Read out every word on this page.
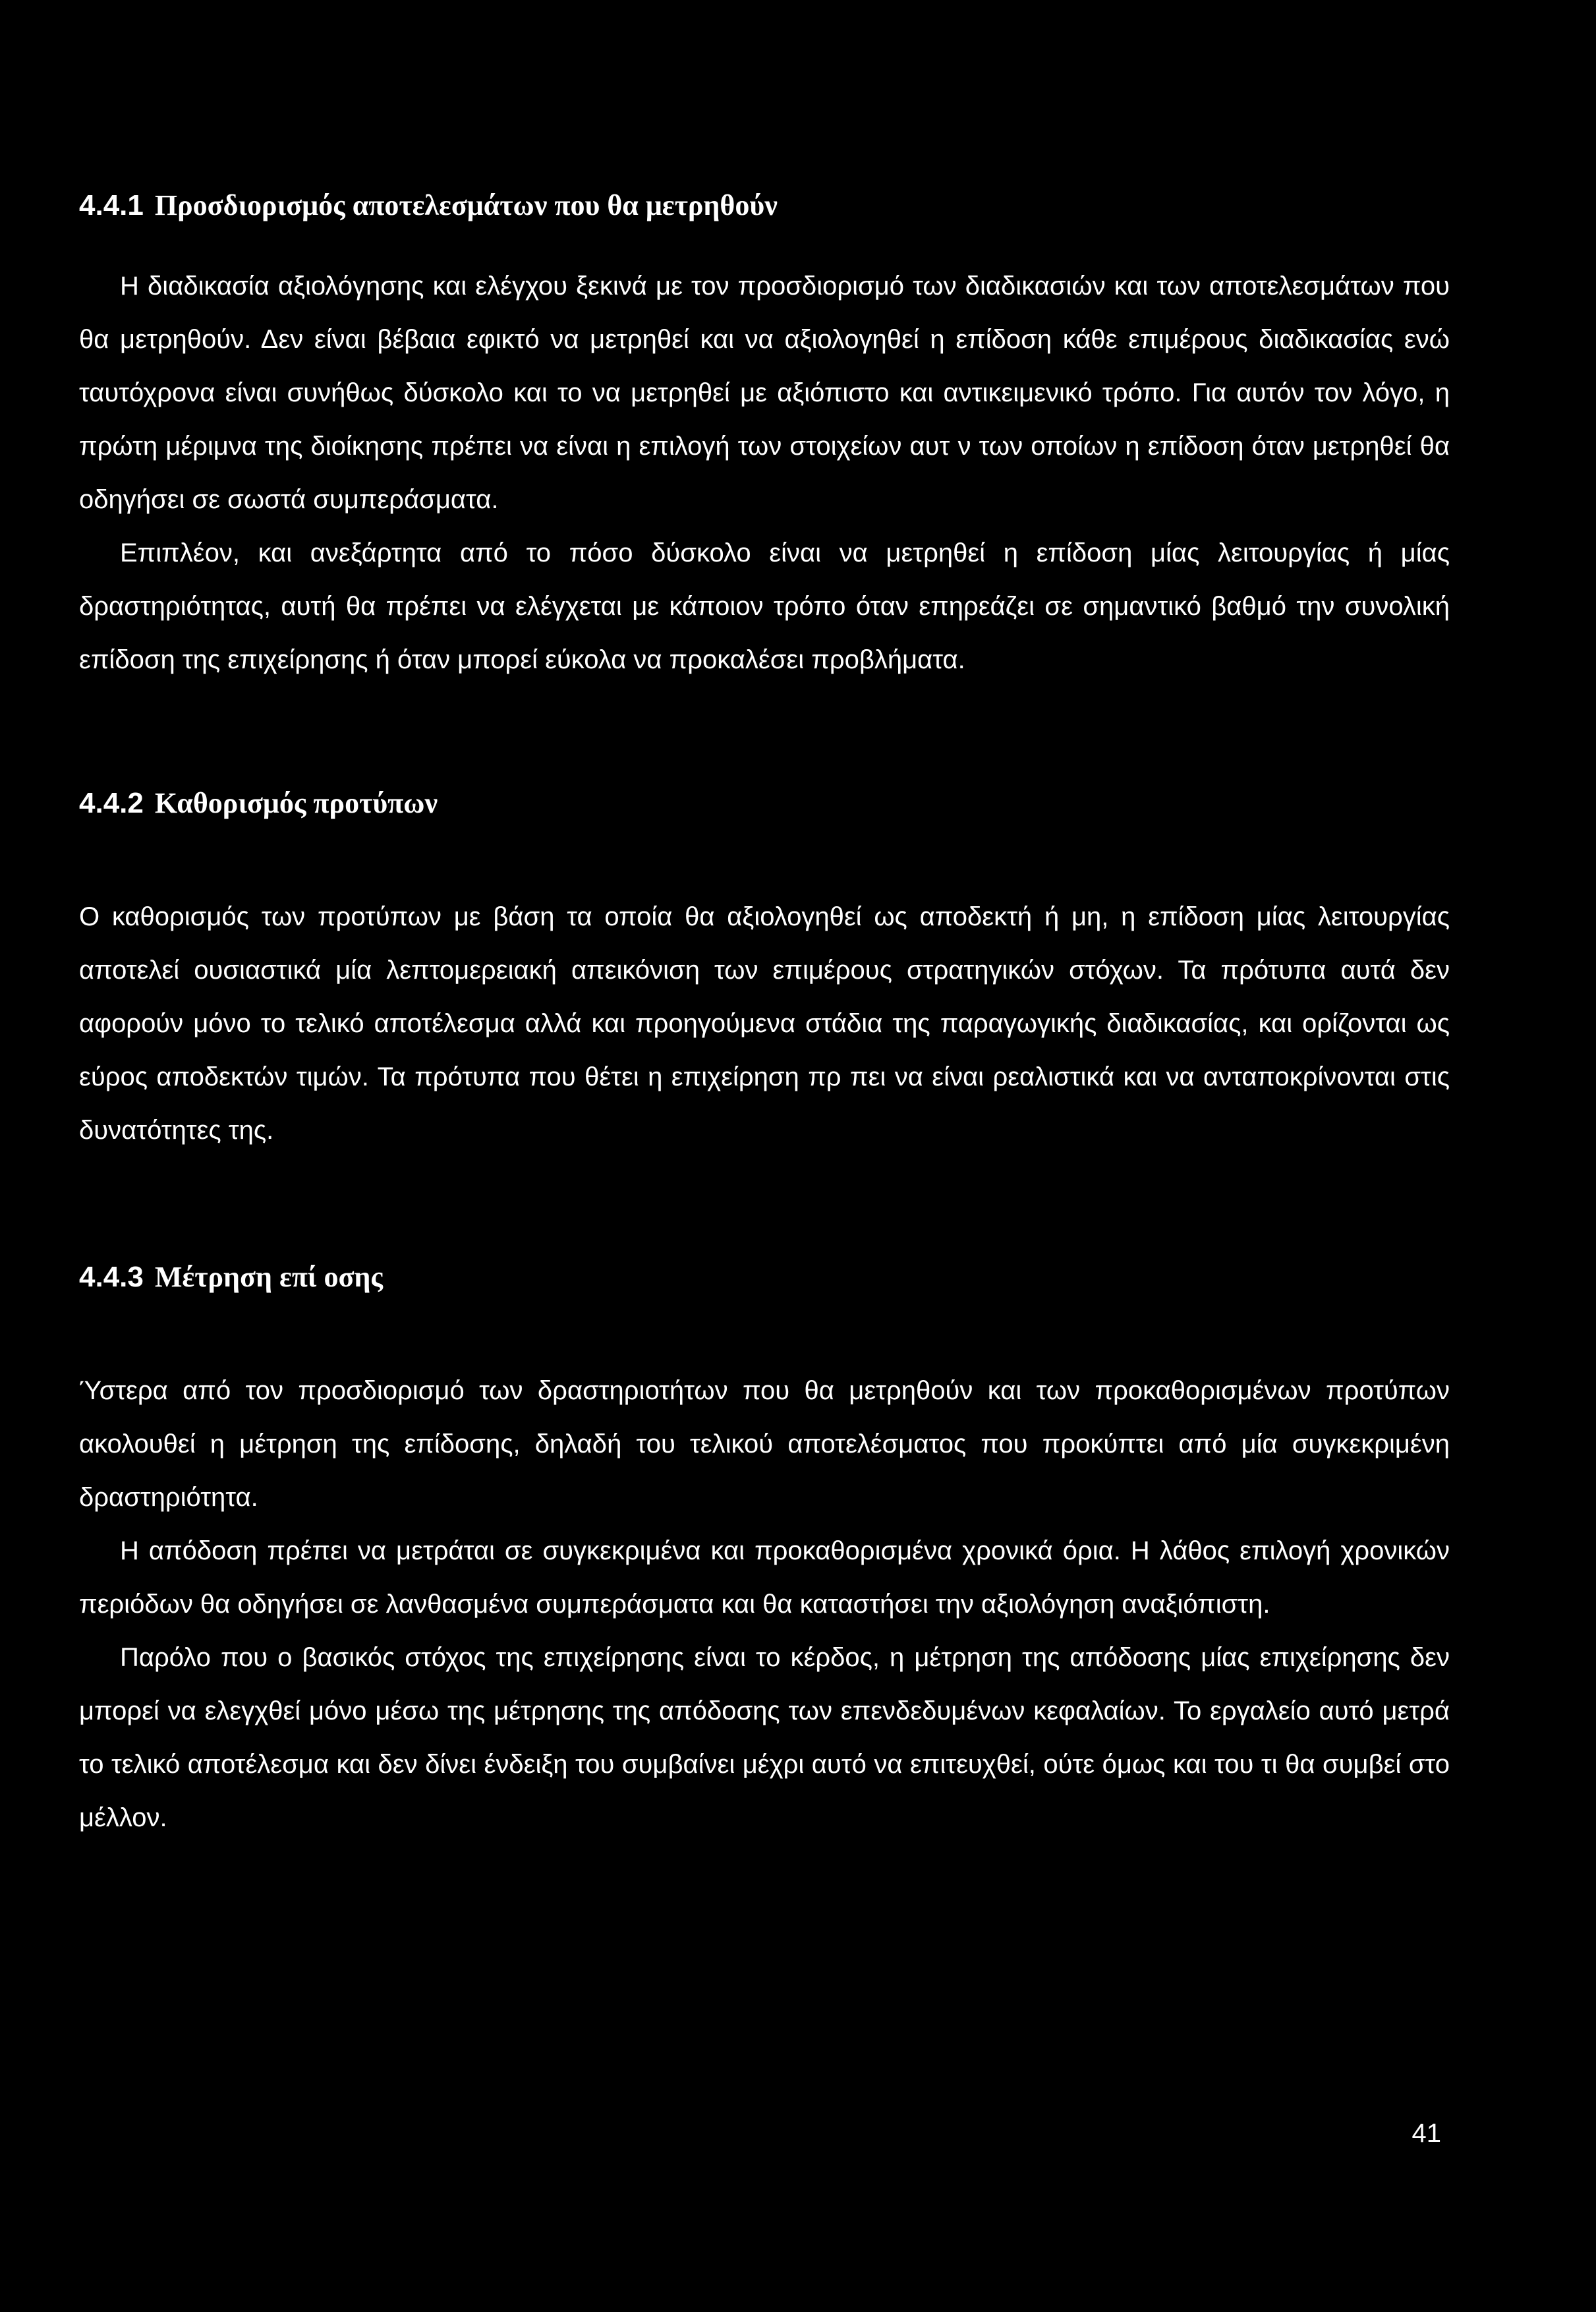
4.4.1 Προσδιορισμός αποτελεσμάτων που θα μετρηθούν

Η διαδικασία αξιολόγησης και ελέγχου ξεκινά με τον προσδιορισμό των διαδικασιών και των αποτελεσμάτων που θα μετρηθούν. Δεν είναι βέβαια εφικτό να μετρηθεί και να αξιολογηθεί η επίδοση κάθε επιμέρους διαδικασίας ενώ ταυτόχρονα είναι συνήθως δύσκολο και το να μετρηθεί με αξιόπιστο και αντικειμενικό τρόπο. Για αυτόν τον λόγο, η πρώτη μέριμνα της διοίκησης πρέπει να είναι η επιλογή των στοιχείων αυτ ν των οποίων η επίδοση όταν μετρηθεί θα οδηγήσει σε σωστά συμπεράσματα.

Επιπλέον, και ανεξάρτητα από το πόσο δύσκολο είναι να μετρηθεί η επίδοση μίας λειτουργίας ή μίας δραστηριότητας, αυτή θα πρέπει να ελέγχεται με κάποιον τρόπο όταν επηρεάζει σε σημαντικό βαθμό την συνολική επίδοση της επιχείρησης ή όταν μπορεί εύκολα να προκαλέσει προβλήματα.

4.4.2 Καθορισμός προτύπων

Ο καθορισμός των προτύπων με βάση τα οποία θα αξιολογηθεί ως αποδεκτή ή μη, η επίδοση μίας λειτουργίας αποτελεί ουσιαστικά μία λεπτομερειακή απεικόνιση των επιμέρους στρατηγικών στόχων. Τα πρότυπα αυτά δεν αφορούν μόνο το τελικό αποτέλεσμα αλλά και προηγούμενα στάδια της παραγωγικής διαδικασίας, και ορίζονται ως εύρος αποδεκτών τιμών. Τα πρότυπα που θέτει η επιχείρηση πρ πει να είναι ρεαλιστικά και να ανταποκρίνονται στις δυνατότητες της.

4.4.3 Μέτρηση επί οσης

Ύστερα από τον προσδιορισμό των δραστηριοτήτων που θα μετρηθούν και των προκαθορισμένων προτύπων ακολουθεί η μέτρηση της επίδοσης, δηλαδή του τελικού αποτελέσματος που προκύπτει από μία συγκεκριμένη δραστηριότητα.

Η απόδοση πρέπει να μετράται σε συγκεκριμένα και προκαθορισμένα χρονικά όρια. Η λάθος επιλογή χρονικών περιόδων θα οδηγήσει σε λανθασμένα συμπεράσματα και θα καταστήσει την αξιολόγηση αναξιόπιστη.

Παρόλο που ο βασικός στόχος της επιχείρησης είναι το κέρδος, η μέτρηση της απόδοσης μίας επιχείρησης δεν μπορεί να ελεγχθεί μόνο μέσω της μέτρησης της απόδοσης των επενδεδυμένων κεφαλαίων. Το εργαλείο αυτό μετρά το τελικό αποτέλεσμα και δεν δίνει ένδειξη του συμβαίνει μέχρι αυτό να επιτευχθεί, ούτε όμως και του τι θα συμβεί στο μέλλον.

41
